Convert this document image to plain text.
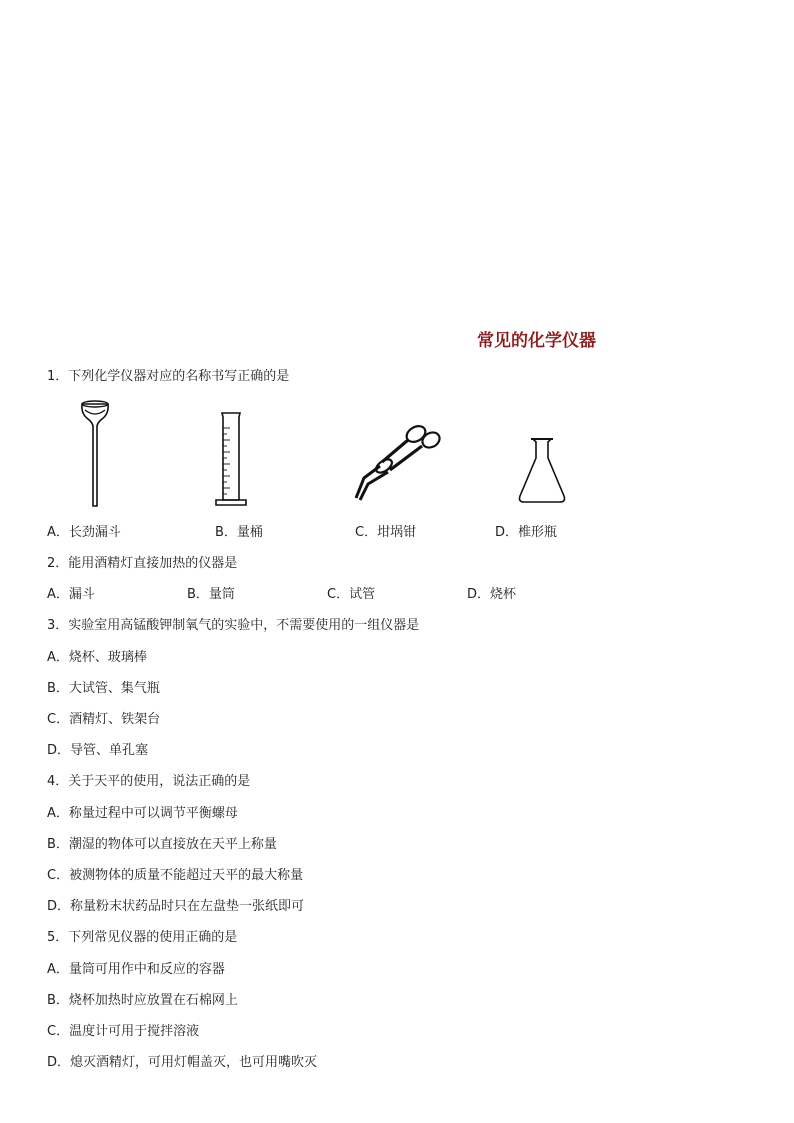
常见的化学仪器
1．下列化学仪器对应的名称书写正确的是
A．长劲漏斗	B．量桶	C．坩埚钳	D．椎形瓶
2．能用酒精灯直接加热的仪器是
A．漏斗	B．量筒	C．试管	D．烧杯
3．实验室用高锰酸钾制氧气的实验中，不需要使用的一组仪器是
A．烧杯、玻璃棒
B．大试管、集气瓶
C．酒精灯、铁架台
D．导管、单孔塞
4．关于天平的使用，说法正确的是
A．称量过程中可以调节平衡螺母
B．潮湿的物体可以直接放在天平上称量
C．被测物体的质量不能超过天平的最大称量
D．称量粉末状药品时只在左盘垫一张纸即可
5．下列常见仪器的使用正确的是
A．量筒可用作中和反应的容器
B．烧杯加热时应放置在石棉网上
C．温度计可用于搅拌溶液
D．熄灭酒精灯，可用灯帽盖灭，也可用嘴吹灭
